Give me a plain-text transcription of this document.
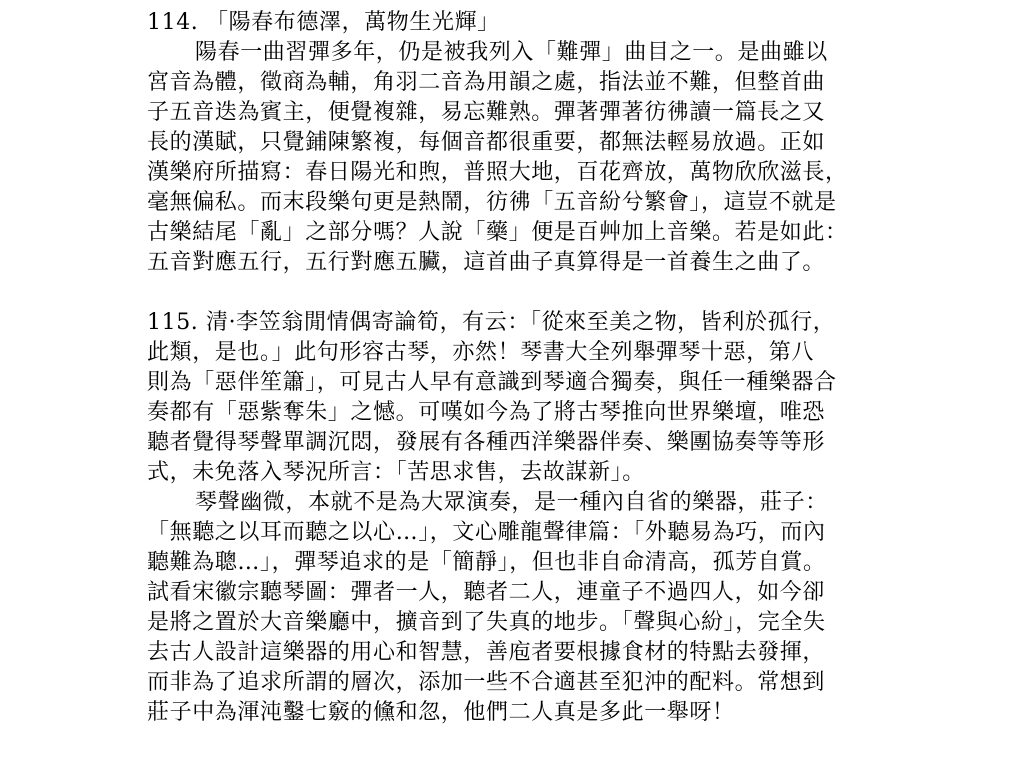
114. 「陽春布德澤，萬物生光輝」
陽春一曲習彈多年，仍是被我列入「難彈」曲目之一。是曲雖以
宮音為體，徵商為輔，角羽二音為用韻之處，指法並不難，但整首曲
子五音迭為賓主，便覺複雜，易忘難熟。彈著彈著彷彿讀一篇長之又
長的漢賦，只覺鋪陳繁複，每個音都很重要，都無法輕易放過。正如
漢樂府所描寫：春日陽光和煦，普照大地，百花齊放，萬物欣欣滋長，
毫無偏私。而末段樂句更是熱鬧，彷彿「五音紛兮繁會」，這豈不就是
古樂結尾「亂」之部分嗎？人說「藥」便是百艸加上音樂。若是如此：
五音對應五行，五行對應五臟，這首曲子真算得是一首養生之曲了。
115. 清·李笠翁閒情偶寄論筍，有云：「從來至美之物，皆利於孤行，
此類，是也。」此句形容古琴，亦然！琴書大全列舉彈琴十惡，第八
則為「惡伴笙簫」，可見古人早有意識到琴適合獨奏，與任一種樂器合
奏都有「惡紫奪朱」之憾。可嘆如今為了將古琴推向世界樂壇，唯恐
聽者覺得琴聲單調沉悶，發展有各種西洋樂器伴奏、樂團協奏等等形
式，未免落入琴況所言：「苦思求售，去故謀新」。
琴聲幽微，本就不是為大眾演奏，是一種內自省的樂器，莊子：
「無聽之以耳而聽之以心…」，文心雕龍聲律篇：「外聽易為巧，而內
聽難為聰…」，彈琴追求的是「簡靜」，但也非自命清高，孤芳自賞。
試看宋徽宗聽琴圖：彈者一人，聽者二人，連童子不過四人，如今卻
是將之置於大音樂廳中，擴音到了失真的地步。「聲與心紛」，完全失
去古人設計這樂器的用心和智慧，善庖者要根據食材的特點去發揮，
而非為了追求所謂的層次，添加一些不合適甚至犯沖的配料。常想到
莊子中為渾沌鑿七竅的儵和忽，他們二人真是多此一舉呀！
